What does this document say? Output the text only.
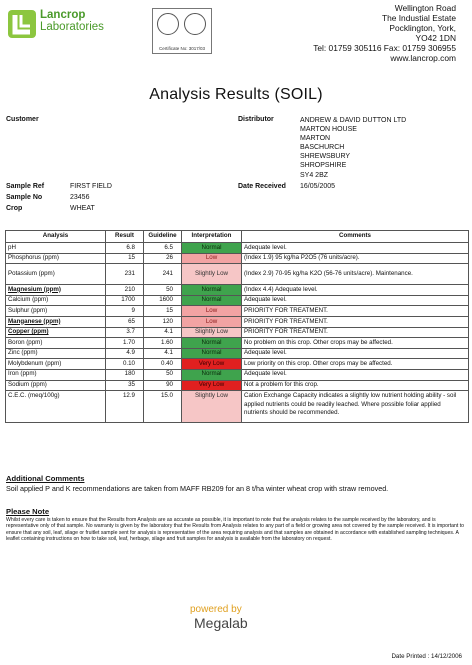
Lancrop
Laboratories
Certificate No: 3017/03
Wellington Road
The Industial Estate
Pocklington, York,
YO42 1DN
Tel: 01759 305116 Fax: 01759 306955
www.lancrop.com
Analysis Results (SOIL)
Customer	Distributor	ANDREW & DAVID DUTTON LTD
MARTON HOUSE
MARTON
BASCHURCH
SHREWSBURY
SHROPSHIRE
SY4 2BZ
Sample Ref	FIRST FIELD	Date Received 16/05/2005
Sample No	23456
Crop	WHEAT
Analysis	Result	Guideline	Interpretation	Comments
pH	6.8	6.5	Normal	Adequate level.
Phosphorus (ppm)	15	26	Low	(Index 1.9) 95 kg/ha P2O5 (76 units/acre).
Potassium (ppm)	231	241	Slightly Low	(Index 2.9) 70-95 kg/ha K2O (56-76 units/acre). Maintenance.
Magnesium (ppm)	210	50	Normal	(Index 4.4) Adequate level.
Calcium (ppm)	1700	1600	Normal	Adequate level.
Sulphur (ppm)	9	15	Low	PRIORITY FOR TREATMENT.
Manganese (ppm)	65	120	Low	PRIORITY FOR TREATMENT.
Copper (ppm)	3.7	4.1	Slightly Low	PRIORITY FOR TREATMENT.
Boron (ppm)	1.70	1.60	Normal	No problem on this crop. Other crops may be affected.
Zinc (ppm)	4.9	4.1	Normal	Adequate level.
Molybdenum (ppm)	0.10	0.40	Very Low	Low priority on this crop. Other crops may be affected.
Iron (ppm)	180	50	Normal	Adequate level.
Sodium (ppm)	35	90	Very Low	Not a problem for this crop.
C.E.C. (meq/100g)	12.9	15.0	Slightly Low	Cation Exchange Capacity indicates a slightly low nutrient holding ability - soil applied nutrients could be readily leached. Where possible foliar applied nutrients should be recommended.
Additional Comments
Soil applied P and K recommendations are taken from MAFF RB209 for an 8 t/ha winter wheat crop with straw removed.
Please Note
Whilst every care is taken to ensure that the Results from Analysis are as accurate as possible, it is important to note that the analysis relates to the sample received by the laboratory, and is representative only of that sample. No warranty is given by the laboratory that the Results from Analysis relates to any part of a field or growing area not covered by the sample received. It is important to ensure that any soil, leaf, silage or fruitlet sample sent for analysis is representative of the area requiring analysis and that samples are obtained in accordance with established sampling techniques. A leaflet containing instructions on how to take soil, leaf, herbage, silage and fruit samples for analysis is available from the laboratory on request.
powered by
Megalab
Date Printed : 14/12/2006
